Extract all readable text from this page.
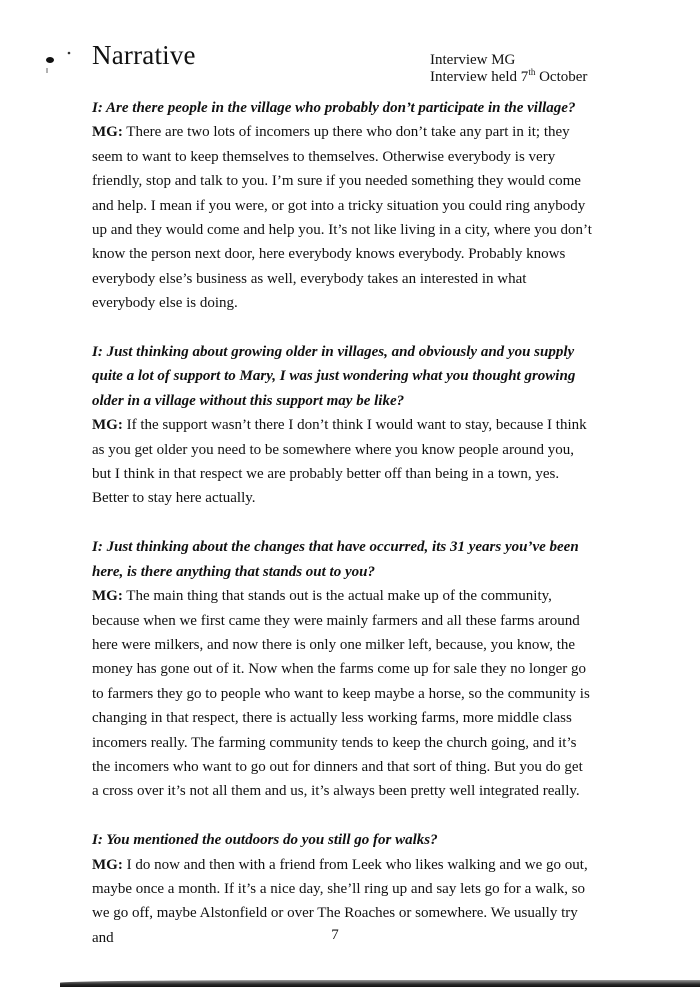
Narrative	Interview MG
Interview held 7th October

I: Are there people in the village who probably don’t participate in the village?

MG: There are two lots of incomers up there who don’t take any part in it; they seem to want to keep themselves to themselves. Otherwise everybody is very friendly, stop and talk to you. I’m sure if you needed something they would come and help. I mean if you were, or got into a tricky situation you could ring anybody up and they would come and help you. It’s not like living in a city, where you don’t know the person next door, here everybody knows everybody. Probably knows everybody else’s business as well, everybody takes an interested in what everybody else is doing.

I: Just thinking about growing older in villages, and obviously and you supply quite a lot of support to Mary, I was just wondering what you thought growing older in a village without this support may be like?

MG: If the support wasn’t there I don’t think I would want to stay, because I think as you get older you need to be somewhere where you know people around you, but I think in that respect we are probably better off than being in a town, yes. Better to stay here actually.

I: Just thinking about the changes that have occurred, its 31 years you’ve been here, is there anything that stands out to you?

MG: The main thing that stands out is the actual make up of the community, because when we first came they were mainly farmers and all these farms around here were milkers, and now there is only one milker left, because, you know, the money has gone out of it. Now when the farms come up for sale they no longer go to farmers they go to people who want to keep maybe a horse, so the community is changing in that respect, there is actually less working farms, more middle class incomers really. The farming community tends to keep the church going, and it’s the incomers who want to go out for dinners and that sort of thing. But you do get a cross over it’s not all them and us, it’s always been pretty well integrated really.

I: You mentioned the outdoors do you still go for walks?

MG: I do now and then with a friend from Leek who likes walking and we go out, maybe once a month. If it’s a nice day, she’ll ring up and say lets go for a walk, so we go off, maybe Alstonfield or over The Roaches or somewhere. We usually try and	7
